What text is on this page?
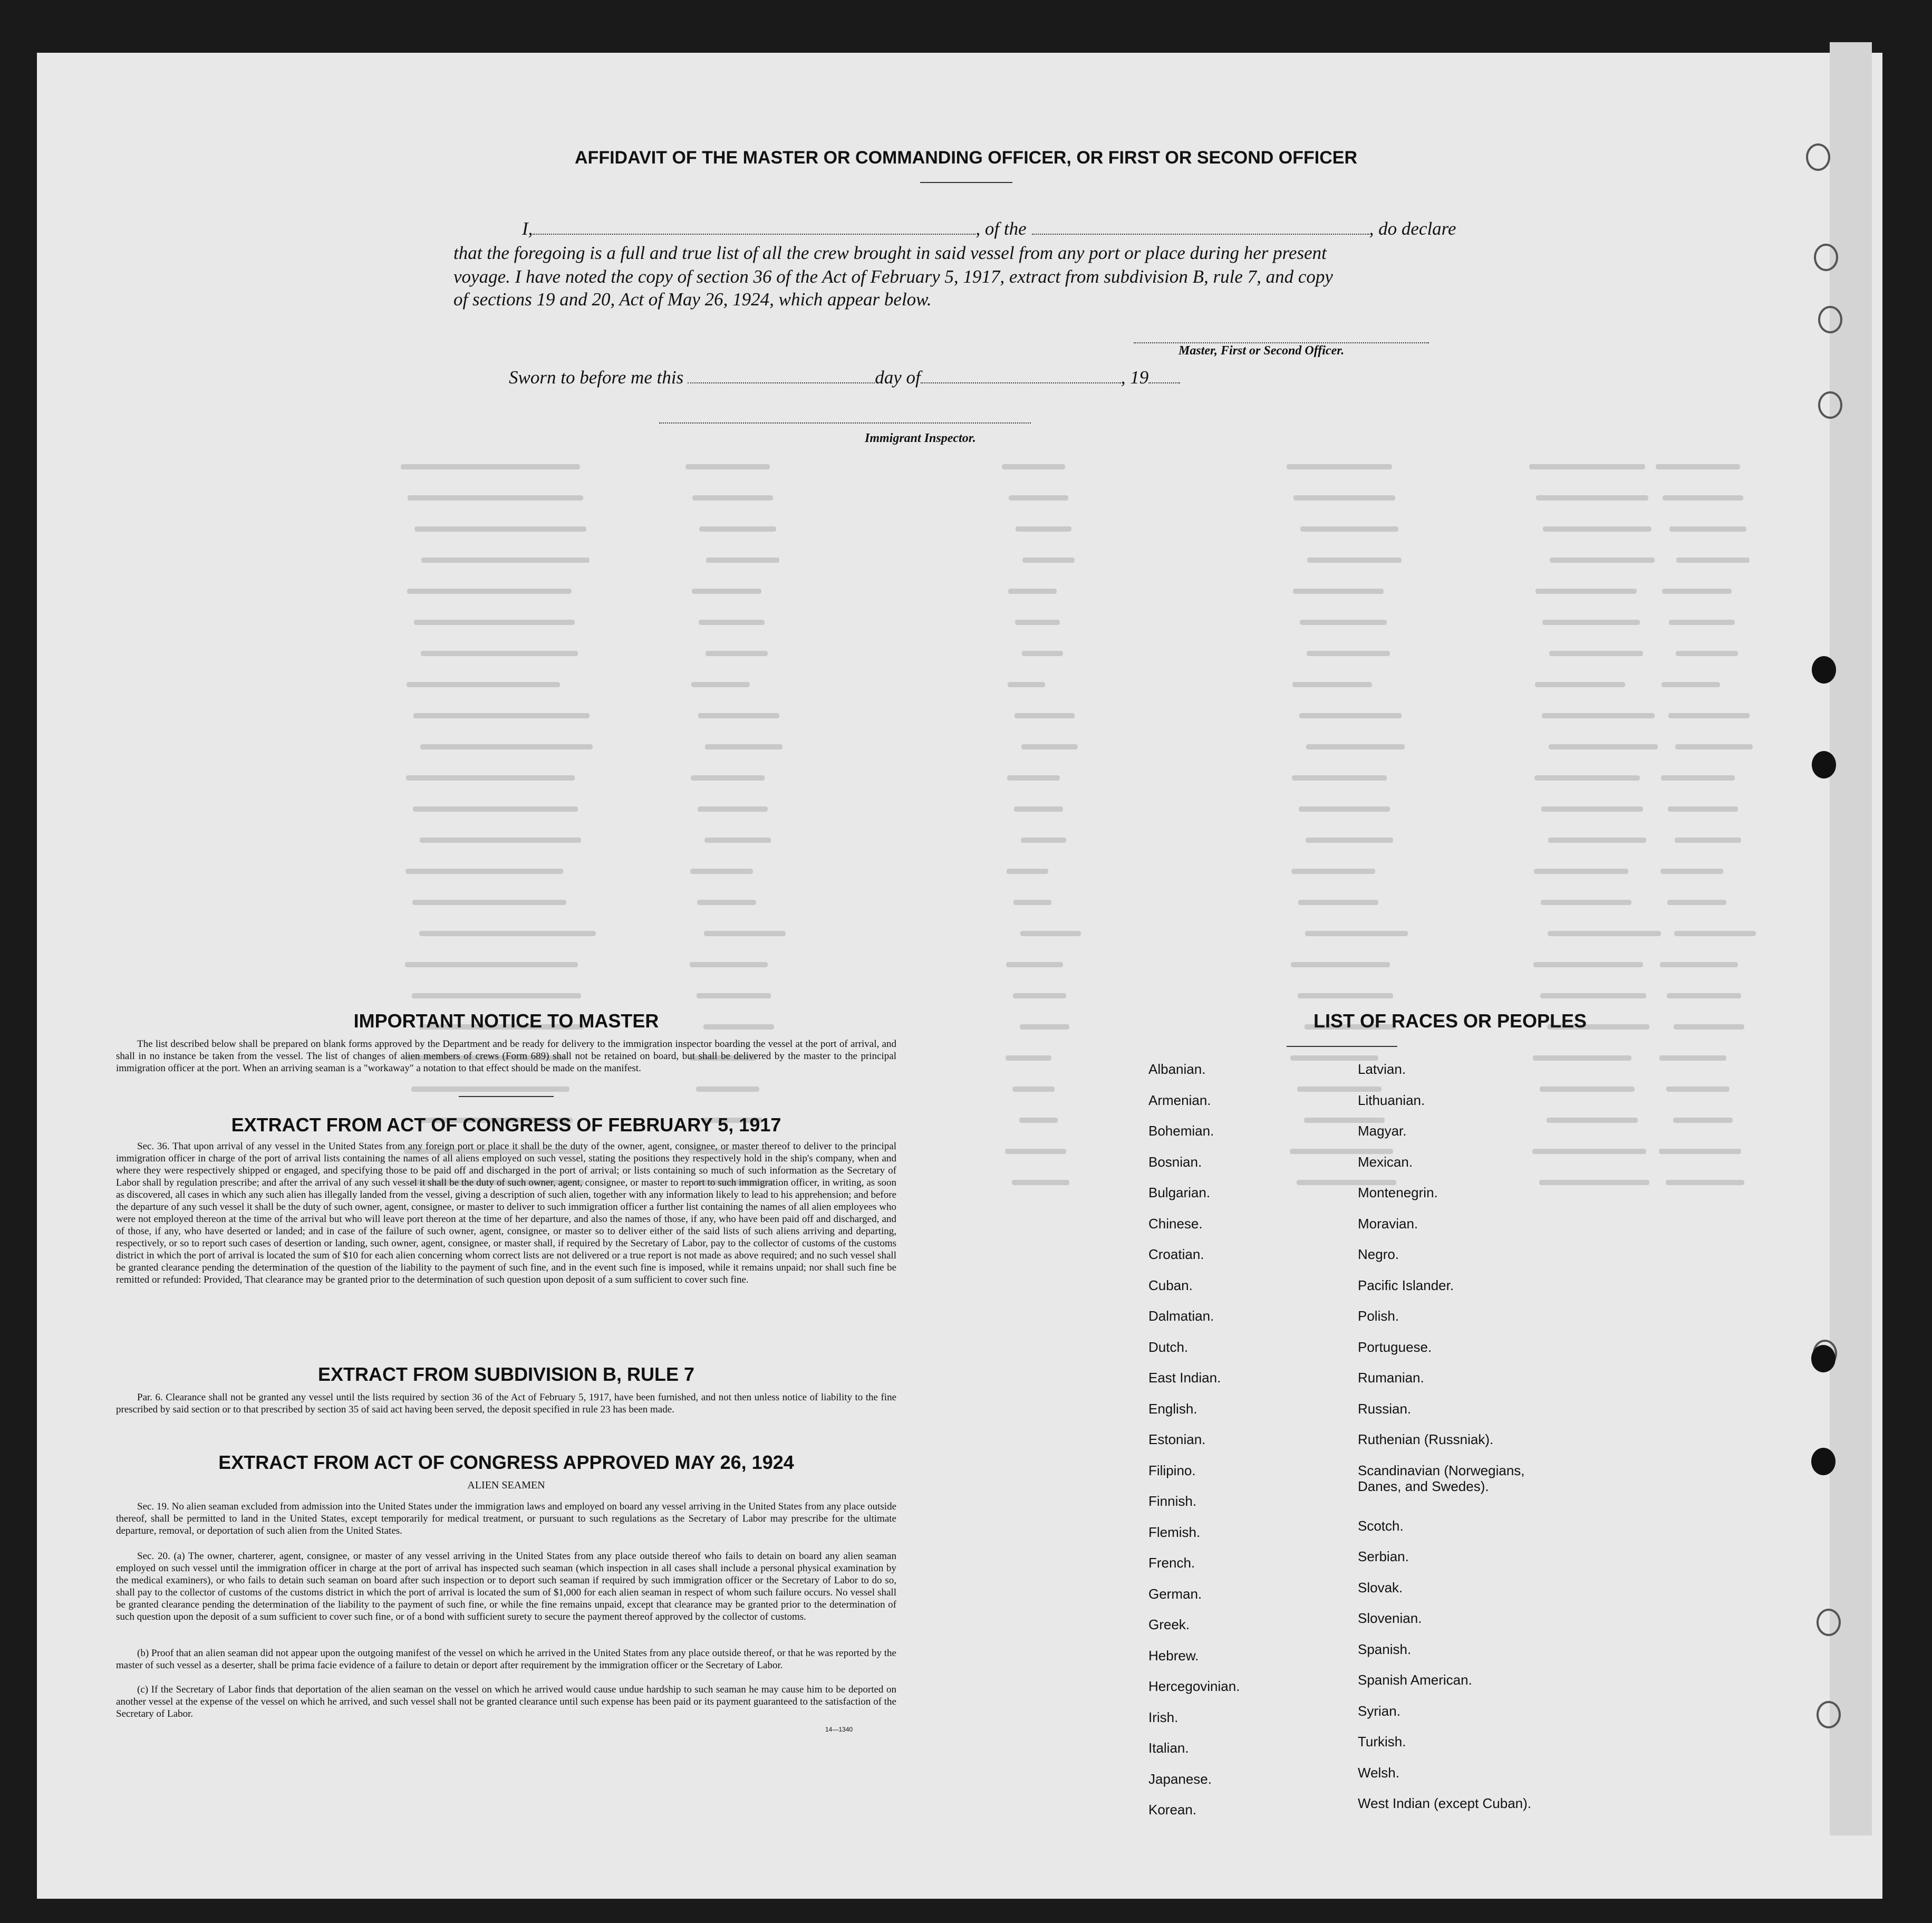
AFFIDAVIT OF THE MASTER OR COMMANDING OFFICER, OR FIRST OR SECOND OFFICER
I,	, of the	, do declare
that the foregoing is a full and true list of all the crew brought in said vessel from any port or place during her present
voyage. I have noted the copy of section 36 of the Act of February 5, 1917, extract from subdivision B, rule 7, and copy
of sections 19 and 20, Act of May 26, 1924, which appear below.
Master, First or Second Officer.
Sworn to before me this	day of	, 19
Immigrant Inspector.
IMPORTANT NOTICE TO MASTER
The list described below shall be prepared on blank forms approved by the Department and be ready for delivery to the immigration inspector boarding the vessel at the port of arrival, and shall in no instance be taken from the vessel. The list of changes of alien members of crews (Form 689) shall not be retained on board, but shall be delivered by the master to the principal immigration officer at the port. When an arriving seaman is a "workaway" a notation to that effect should be made on the manifest.
EXTRACT FROM ACT OF CONGRESS OF FEBRUARY 5, 1917
Sec. 36. That upon arrival of any vessel in the United States from any foreign port or place it shall be the duty of the owner, agent, consignee, or master thereof to deliver to the principal immigration officer in charge of the port of arrival lists containing the names of all aliens employed on such vessel, stating the positions they respectively hold in the ship's company, when and where they were respectively shipped or engaged, and specifying those to be paid off and discharged in the port of arrival; or lists containing so much of such information as the Secretary of Labor shall by regulation prescribe; and after the arrival of any such vessel it shall be the duty of such owner, agent, consignee, or master to report to such immigration officer, in writing, as soon as discovered, all cases in which any such alien has illegally landed from the vessel, giving a description of such alien, together with any information likely to lead to his apprehension; and before the departure of any such vessel it shall be the duty of such owner, agent, consignee, or master to deliver to such immigration officer a further list containing the names of all alien employees who were not employed thereon at the time of the arrival but who will leave port thereon at the time of her departure, and also the names of those, if any, who have been paid off and discharged, and of those, if any, who have deserted or landed; and in case of the failure of such owner, agent, consignee, or master so to deliver either of the said lists of such aliens arriving and departing, respectively, or so to report such cases of desertion or landing, such owner, agent, consignee, or master shall, if required by the Secretary of Labor, pay to the collector of customs of the customs district in which the port of arrival is located the sum of $10 for each alien concerning whom correct lists are not delivered or a true report is not made as above required; and no such vessel shall be granted clearance pending the determination of the question of the liability to the payment of such fine, and in the event such fine is imposed, while it remains unpaid; nor shall such fine be remitted or refunded: Provided, That clearance may be granted prior to the determination of such question upon deposit of a sum sufficient to cover such fine.
EXTRACT FROM SUBDIVISION B, RULE 7
Par. 6. Clearance shall not be granted any vessel until the lists required by section 36 of the Act of February 5, 1917, have been furnished, and not then unless notice of liability to the fine prescribed by said section or to that prescribed by section 35 of said act having been served, the deposit specified in rule 23 has been made.
EXTRACT FROM ACT OF CONGRESS APPROVED MAY 26, 1924
ALIEN SEAMEN
Sec. 19. No alien seaman excluded from admission into the United States under the immigration laws and employed on board any vessel arriving in the United States from any place outside thereof, shall be permitted to land in the United States, except temporarily for medical treatment, or pursuant to such regulations as the Secretary of Labor may prescribe for the ultimate departure, removal, or deportation of such alien from the United States.
Sec. 20. (a) The owner, charterer, agent, consignee, or master of any vessel arriving in the United States from any place outside thereof who fails to detain on board any alien seaman employed on such vessel until the immigration officer in charge at the port of arrival has inspected such seaman (which inspection in all cases shall include a personal physical examination by the medical examiners), or who fails to detain such seaman on board after such inspection or to deport such seaman if required by such immigration officer or the Secretary of Labor to do so, shall pay to the collector of customs of the customs district in which the port of arrival is located the sum of $1,000 for each alien seaman in respect of whom such failure occurs. No vessel shall be granted clearance pending the determination of the liability to the payment of such fine, or while the fine remains unpaid, except that clearance may be granted prior to the determination of such question upon the deposit of a sum sufficient to cover such fine, or of a bond with sufficient surety to secure the payment thereof approved by the collector of customs.
(b) Proof that an alien seaman did not appear upon the outgoing manifest of the vessel on which he arrived in the United States from any place outside thereof, or that he was reported by the master of such vessel as a deserter, shall be prima facie evidence of a failure to detain or deport after requirement by the immigration officer or the Secretary of Labor.
(c) If the Secretary of Labor finds that deportation of the alien seaman on the vessel on which he arrived would cause undue hardship to such seaman he may cause him to be deported on another vessel at the expense of the vessel on which he arrived, and such vessel shall not be granted clearance until such expense has been paid or its payment guaranteed to the satisfaction of the Secretary of Labor.
14—1340
LIST OF RACES OR PEOPLES
Albanian.
Armenian.
Bohemian.
Bosnian.
Bulgarian.
Chinese.
Croatian.
Cuban.
Dalmatian.
Dutch.
East Indian.
English.
Estonian.
Filipino.
Finnish.
Flemish.
French.
German.
Greek.
Hebrew.
Hercegovinian.
Irish.
Italian.
Japanese.
Korean.
Latvian.
Lithuanian.
Magyar.
Mexican.
Montenegrin.
Moravian.
Negro.
Pacific Islander.
Polish.
Portuguese.
Rumanian.
Russian.
Ruthenian (Russniak).
Scandinavian (Norwegians, Danes, and Swedes).
Scotch.
Serbian.
Slovak.
Slovenian.
Spanish.
Spanish American.
Syrian.
Turkish.
Welsh.
West Indian (except Cuban).
